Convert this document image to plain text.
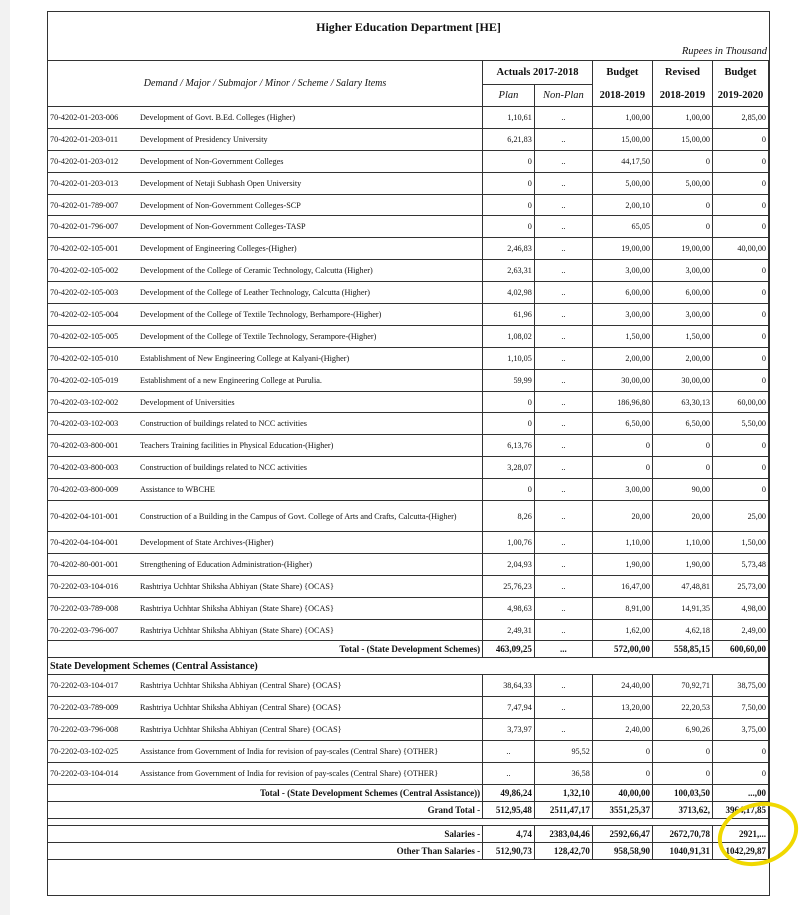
Higher Education Department [HE]
Rupees in Thousand
Demand / Major / Submajor / Minor / Scheme / Salary Items	Actuals 2017-2018		Budget	Revised	Budget
	Plan	Non-Plan	2018-2019	2018-2019	2019-2020
70-4202-01-203-006 Development of Govt. B.Ed. Colleges (Higher)	1,10,61	..	1,00,00	1,00,00	2,85,00
70-4202-01-203-011 Development of Presidency University	6,21,83	..	15,00,00	15,00,00	0
70-4202-01-203-012 Development of Non-Government Colleges	0	..	44,17,50	0	0
70-4202-01-203-013 Development of Netaji Subhash Open University	0	..	5,00,00	5,00,00	0
70-4202-01-789-007 Development of Non-Government Colleges-SCP	0	..	2,00,10	0	0
70-4202-01-796-007 Development of Non-Government Colleges-TASP	0	..	65,05	0	0
70-4202-02-105-001 Development of Engineering Colleges-(Higher)	2,46,83	..	19,00,00	19,00,00	40,00,00
70-4202-02-105-002 Development of the College of Ceramic Technology, Calcutta (Higher)	2,63,31	..	3,00,00	3,00,00	0
70-4202-02-105-003 Development of the College of Leather Technology, Calcutta (Higher)	4,02,98	..	6,00,00	6,00,00	0
70-4202-02-105-004 Development of the College of Textile Technology, Berhampore-(Higher)	61,96	..	3,00,00	3,00,00	0
70-4202-02-105-005 Development of the College of Textile Technology, Serampore-(Higher)	1,08,02	..	1,50,00	1,50,00	0
70-4202-02-105-010 Establishment of New Engineering College at Kalyani-(Higher)	1,10,05	..	2,00,00	2,00,00	0
70-4202-02-105-019 Establishment of a new Engineering College at Purulia.	59,99	..	30,00,00	30,00,00	0
70-4202-03-102-002 Development of Universities	0	..	186,96,80	63,30,13	60,00,00
70-4202-03-102-003 Construction of buildings related to NCC activities	0	..	6,50,00	6,50,00	5,50,00
70-4202-03-800-001 Teachers Training facilities in Physical Education-(Higher)	6,13,76	..	0	0	0
70-4202-03-800-003 Construction of buildings related to NCC activities	3,28,07	..	0	0	0
70-4202-03-800-009 Assistance to WBCHE	0	..	3,00,00	90,00	0
70-4202-04-101-001 Construction of a Building in the Campus of Govt. College of Arts and Crafts, Calcutta-(Higher)	8,26	..	20,00	20,00	25,00
70-4202-04-104-001 Development of State Archives-(Higher)	1,00,76	..	1,10,00	1,10,00	1,50,00
70-4202-80-001-001 Strengthening of Education Administration-(Higher)	2,04,93	..	1,90,00	1,90,00	5,73,48
70-2202-03-104-016 Rashtriya Uchhtar Shiksha Abhiyan (State Share) {OCAS}	25,76,23	..	16,47,00	47,48,81	25,73,00
70-2202-03-789-008 Rashtriya Uchhtar Shiksha Abhiyan (State Share) {OCAS}	4,98,63	..	8,91,00	14,91,35	4,98,00
70-2202-03-796-007 Rashtriya Uchhtar Shiksha Abhiyan (State Share) {OCAS}	2,49,31	..	1,62,00	4,62,18	2,49,00
Total - (State Development Schemes)	463,09,25	...	572,00,00	558,85,15	600,60,00
State Development Schemes (Central Assistance)					
70-2202-03-104-017 Rashtriya Uchhtar Shiksha Abhiyan (Central Share) {OCAS}	38,64,33	..	24,40,00	70,92,71	38,75,00
70-2202-03-789-009 Rashtriya Uchhtar Shiksha Abhiyan (Central Share) {OCAS}	7,47,94	..	13,20,00	22,20,53	7,50,00
70-2202-03-796-008 Rashtriya Uchhtar Shiksha Abhiyan (Central Share) {OCAS}	3,73,97	..	2,40,00	6,90,26	3,75,00
70-2202-03-102-025 Assistance from Government of India for revision of pay-scales (Central Share) {OTHER}	..	95,52	0	0	0
70-2202-03-104-014 Assistance from Government of India for revision of pay-scales (Central Share) {OTHER}	..	36,58	0	0	0
Total - (State Development Schemes (Central Assistance))	49,86,24	1,32,10	40,00,00	100,03,50	...,00
Grand Total -	512,95,48	2511,47,17	3551,25,37	3713,62,	3964,17,85

Salaries -	4,74	2383,04,46	2592,66,47	2672,70,78	2921,...
Other Than Salaries -	512,90,73	128,42,70	958,58,90	1040,91,31	1042,29,87
